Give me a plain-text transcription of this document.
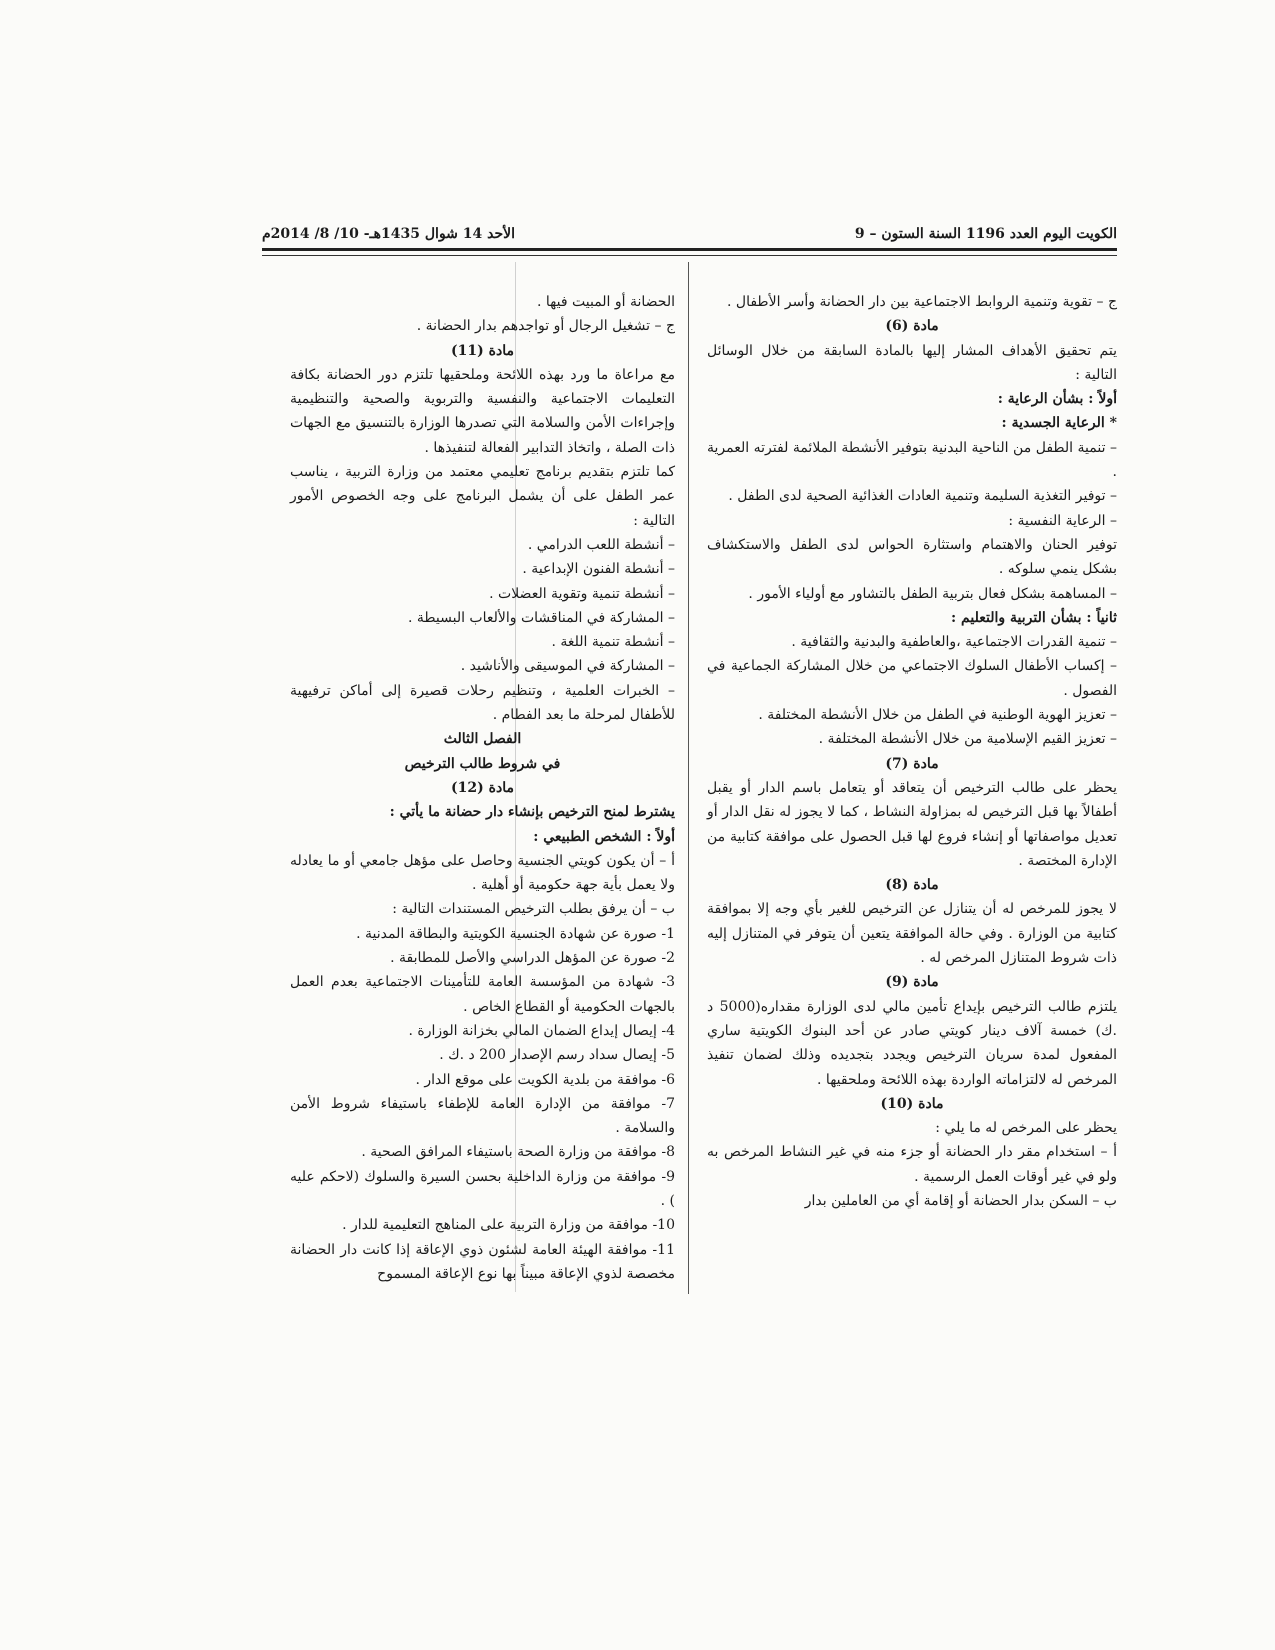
الكويت اليوم العدد 1196 السنة الستون – 9
الأحد 14 شوال 1435هـ- 10/ 8/ 2014م

ج – تقوية وتنمية الروابط الاجتماعية بين دار الحضانة وأسر الأطفال .

مادة (6)

يتم تحقيق الأهداف المشار إليها بالمادة السابقة من خلال الوسائل التالية :

أولاً : بشأن الرعاية :

* الرعاية الجسدية :

– تنمية الطفل من الناحية البدنية بتوفير الأنشطة الملائمة لفترته العمرية .

– توفير التغذية السليمة وتنمية العادات الغذائية الصحية لدى الطفل .

– الرعاية النفسية :

توفير الحنان والاهتمام واستثارة الحواس لدى الطفل والاستكشاف بشكل ينمي سلوكه .

– المساهمة بشكل فعال بتربية الطفل بالتشاور مع أولياء الأمور .

ثانياً : بشأن التربية والتعليم :

– تنمية القدرات الاجتماعية ،والعاطفية والبدنية والثقافية .

– إكساب الأطفال السلوك الاجتماعي من خلال المشاركة الجماعية في الفصول .

– تعزيز الهوية الوطنية في الطفل من خلال الأنشطة المختلفة .

– تعزيز القيم الإسلامية من خلال الأنشطة المختلفة .

مادة (7)

يحظر على طالب الترخيص أن يتعاقد أو يتعامل باسم الدار أو يقبل أطفالاً بها قبل الترخيص له بمزاولة النشاط ، كما لا يجوز له نقل الدار أو تعديل مواصفاتها أو إنشاء فروع لها قبل الحصول على موافقة كتابية من الإدارة المختصة .

مادة (8)

لا يجوز للمرخص له أن يتنازل عن الترخيص للغير بأي وجه إلا بموافقة كتابية من الوزارة . وفي حالة الموافقة يتعين أن يتوفر في المتنازل إليه ذات شروط المتنازل المرخص له .

مادة (9)

يلتزم طالب الترخيص بإيداع تأمين مالي لدى الوزارة مقداره(5000 د .ك) خمسة آلاف دينار كويتي صادر عن أحد البنوك الكويتية ساري المفعول لمدة سريان الترخيص ويجدد بتجديده وذلك لضمان تنفيذ المرخص له لالتزاماته الواردة بهذه اللائحة وملحقيها .

مادة (10)

يحظر على المرخص له ما يلي :

أ – استخدام مقر دار الحضانة أو جزء منه في غير النشاط المرخص به ولو في غير أوقات العمل الرسمية .

ب – السكن بدار الحضانة أو إقامة أي من العاملين بدار

الحضانة أو المبيت فيها .

ج – تشغيل الرجال أو تواجدهم بدار الحضانة .

مادة (11)

مع مراعاة ما ورد بهذه اللائحة وملحقيها تلتزم دور الحضانة بكافة التعليمات الاجتماعية والنفسية والتربوية والصحية والتنظيمية وإجراءات الأمن والسلامة التي تصدرها الوزارة بالتنسيق مع الجهات ذات الصلة ، واتخاذ التدابير الفعالة لتنفيذها .

كما تلتزم بتقديم برنامج تعليمي معتمد من وزارة التربية ، يناسب عمر الطفل على أن يشمل البرنامج على وجه الخصوص الأمور التالية :

– أنشطة اللعب الدرامي .

– أنشطة الفنون الإبداعية .

– أنشطة تنمية وتقوية العضلات .

– المشاركة في المناقشات والألعاب البسيطة .

– أنشطة تنمية اللغة .

– المشاركة في الموسيقى والأناشيد .

– الخبرات العلمية ، وتنظيم رحلات قصيرة إلى أماكن ترفيهية للأطفال لمرحلة ما بعد الفطام .

الفصل الثالث

في شروط طالب الترخيص

مادة (12)

يشترط لمنح الترخيص بإنشاء دار حضانة ما يأتي :

أولاً : الشخص الطبيعي :

أ – أن يكون كويتي الجنسية وحاصل على مؤهل جامعي أو ما يعادله ولا يعمل بأية جهة حكومية أو أهلية .

ب – أن يرفق بطلب الترخيص المستندات التالية :

1- صورة عن شهادة الجنسية الكويتية والبطاقة المدنية .

2- صورة عن المؤهل الدراسي والأصل للمطابقة .

3- شهادة من المؤسسة العامة للتأمينات الاجتماعية بعدم العمل بالجهات الحكومية أو القطاع الخاص .

4- إيصال إيداع الضمان المالي بخزانة الوزارة .

5- إيصال سداد رسم الإصدار 200 د .ك .

6- موافقة من بلدية الكويت على موقع الدار .

7- موافقة من الإدارة العامة للإطفاء باستيفاء شروط الأمن والسلامة .

8- موافقة من وزارة الصحة باستيفاء المرافق الصحية .

9- موافقة من وزارة الداخلية بحسن السيرة والسلوك (لاحكم عليه ) .

10- موافقة من وزارة التربية على المناهج التعليمية للدار .

11- موافقة الهيئة العامة لشئون ذوي الإعاقة إذا كانت دار الحضانة مخصصة لذوي الإعاقة مبيناً بها نوع الإعاقة المسموح
